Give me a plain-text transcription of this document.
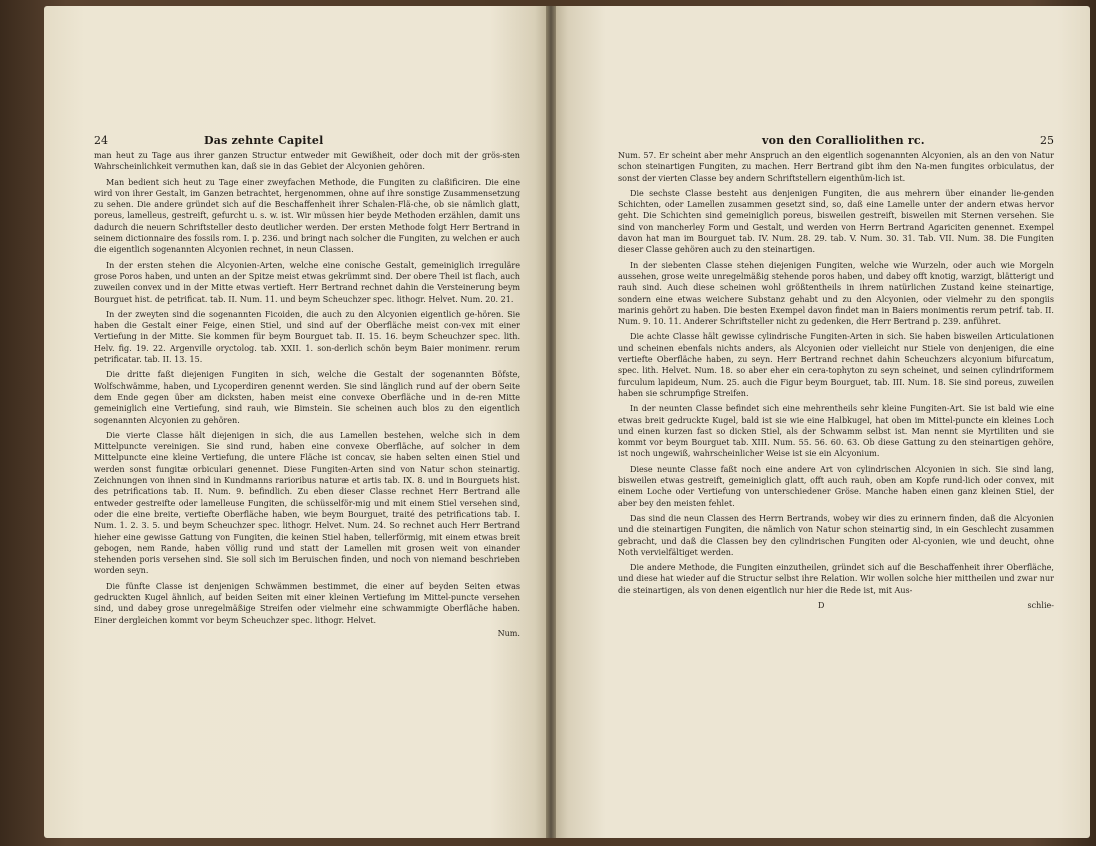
24	Das zehnte Capitel

man heut zu Tage aus ihrer ganzen Structur entweder mit Gewißheit, oder doch mit der grös-sten Wahrscheinlichkeit vermuthen kan, daß sie in das Gebiet der Alcyonien gehören.

Man bedient sich heut zu Tage einer zweyfachen Methode, die Fungiten zu claßificiren. Die eine wird von ihrer Gestalt, im Ganzen betrachtet, hergenommen, ohne auf ihre sonstige Zusammensetzung zu sehen. Die andere gründet sich auf die Beschaffenheit ihrer Schalen-Flä-che, ob sie nämlich glatt, poreus, lamelleus, gestreift, gefurcht u. s. w. ist. Wir müssen hier beyde Methoden erzählen, damit uns dadurch die neuern Schriftsteller desto deutlicher werden. Der ersten Methode folgt Herr Bertrand in seinem dictionnaire des fossils rom. I. p. 236. und bringt nach solcher die Fungiten, zu welchen er auch die eigentlich sogenannten Alcyonien rechnet, in neun Classen.

In der ersten stehen die Alcyonien-Arten, welche eine conische Gestalt, gemeiniglich irreguläre grose Poros haben, und unten an der Spitze meist etwas gekrümmt sind. Der obere Theil ist flach, auch zuweilen convex und in der Mitte etwas vertieft. Herr Bertrand rechnet dahin die Versteinerung beym Bourguet hist. de petrificat. tab. II. Num. 11. und beym Scheuchzer spec. lithogr. Helvet. Num. 20. 21.

In der zweyten sind die sogenannten Ficoiden, die auch zu den Alcyonien eigentlich ge-hören. Sie haben die Gestalt einer Feige, einen Stiel, und sind auf der Oberfläche meist con-vex mit einer Vertiefung in der Mitte. Sie kommen für beym Bourguet tab. II. 15. 16. beym Scheuchzer spec. lith. Helv. fig. 19. 22. Argenville oryctolog. tab. XXII. 1. son-derlich schön beym Baier monimenr. rerum petrificatar. tab. II. 13. 15.

Die dritte faßt diejenigen Fungiten in sich, welche die Gestalt der sogenannten Böfste, Wolfschwämme, haben, und Lycoperdiren genennt werden. Sie sind länglich rund auf der obern Seite dem Ende gegen über am dicksten, haben meist eine convexe Oberfläche und in de-ren Mitte gemeiniglich eine Vertiefung, sind rauh, wie Bimstein. Sie scheinen auch blos zu den eigentlich sogenannten Alcyonien zu gehören.

Die vierte Classe hält diejenigen in sich, die aus Lamellen bestehen, welche sich in dem Mittelpuncte vereinigen. Sie sind rund, haben eine convexe Oberfläche, auf solcher in dem Mittelpuncte eine kleine Vertiefung, die untere Fläche ist concav, sie haben selten einen Stiel und werden sonst fungitæ orbiculari genennet. Diese Fungiten-Arten sind von Natur schon steinartig. Zeichnungen von ihnen sind in Kundmanns rarioribus naturæ et artis tab. IX. 8. und in Bourguets hist. des petrifications tab. II. Num. 9. befindlich. Zu eben dieser Classe rechnet Herr Bertrand alle entweder gestreifte oder lamelleuse Fungiten, die schüsselför-mig und mit einem Stiel versehen sind, oder die eine breite, vertiefte Oberfläche haben, wie beym Bourguet, traité des petrifications tab. I. Num. 1. 2. 3. 5. und beym Scheuchzer spec. lithogr. Helvet. Num. 24. So rechnet auch Herr Bertrand hieher eine gewisse Gattung von Fungiten, die keinen Stiel haben, tellerförmig, mit einem etwas breit gebogen, nem Rande, haben völlig rund und statt der Lamellen mit grosen weit von einander stehenden poris versehen sind. Sie soll sich im Beruischen finden, und noch von niemand beschrieben worden seyn.

Die fünfte Classe ist denjenigen Schwämmen bestimmet, die einer auf beyden Seiten etwas gedruckten Kugel ähnlich, auf beiden Seiten mit einer kleinen Vertiefung im Mittel-puncte versehen sind, und dabey grose unregelmäßige Streifen oder vielmehr eine schwammigte Oberfläche haben. Einer dergleichen kommt vor beym Scheuchzer spec. lithogr. Helvet.

Num.
von den Coralliolithen rc.	25

Num. 57. Er scheint aber mehr Anspruch an den eigentlich sogenannten Alcyonien, als an den von Natur schon steinartigen Fungiten, zu machen. Herr Bertrand gibt ihm den Na-men fungites orbiculatus, der sonst der vierten Classe bey andern Schriftstellern eigenthüm-lich ist.

Die sechste Classe besteht aus denjenigen Fungiten, die aus mehrern über einander lie-genden Schichten, oder Lamellen zusammen gesetzt sind, so, daß eine Lamelle unter der andern etwas hervor geht. Die Schichten sind gemeiniglich poreus, bisweilen gestreift, bisweilen mit Sternen versehen. Sie sind von mancherley Form und Gestalt, und werden von Herrn Bertrand Agariciten genennet. Exempel davon hat man im Bourguet tab. IV. Num. 28. 29. tab. V. Num. 30. 31. Tab. VII. Num. 38. Die Fungiten dieser Classe gehören auch zu den steinartigen.

In der siebenten Classe stehen diejenigen Fungiten, welche wie Wurzeln, oder auch wie Morgeln aussehen, grose weite unregelmäßig stehende poros haben, und dabey offt knotig, warzigt, blätterigt und rauh sind. Auch diese scheinen wohl größtentheils in ihrem natürlichen Zustand keine steinartige, sondern eine etwas weichere Substanz gehabt und zu den Alcyonien, oder vielmehr zu den spongiis marinis gehört zu haben. Die besten Exempel davon findet man in Baiers monimentis rerum petrif. tab. II. Num. 9. 10. 11. Anderer Schriftsteller nicht zu gedenken, die Herr Bertrand p. 239. anführet.

Die achte Classe hält gewisse cylindrische Fungiten-Arten in sich. Sie haben bisweilen Articulationen und scheinen ebenfals nichts anders, als Alcyonien oder vielleicht nur Stiele von denjenigen, die eine vertiefte Oberfläche haben, zu seyn. Herr Bertrand rechnet dahin Scheuchzers alcyonium bifurcatum, spec. lith. Helvet. Num. 18. so aber eher ein cera-tophyton zu seyn scheinet, und seinen cylindriformem furculum lapideum, Num. 25. auch die Figur beym Bourguet, tab. III. Num. 18. Sie sind poreus, zuweilen haben sie schrumpfige Streifen.

In der neunten Classe befindet sich eine mehrentheils sehr kleine Fungiten-Art. Sie ist bald wie eine etwas breit gedruckte Kugel, bald ist sie wie eine Halbkugel, hat oben im Mittel-puncte ein kleines Loch und einen kurzen fast so dicken Stiel, als der Schwamm selbst ist. Man nennt sie Myrtiliten und sie kommt vor beym Bourguet tab. XIII. Num. 55. 56. 60. 63. Ob diese Gattung zu den steinartigen gehöre, ist noch ungewiß, wahrscheinlicher Weise ist sie ein Alcyonium.

Diese neunte Classe faßt noch eine andere Art von cylindrischen Alcyonien in sich. Sie sind lang, bisweilen etwas gestreift, gemeiniglich glatt, offt auch rauh, oben am Kopfe rund-lich oder convex, mit einem Loche oder Vertiefung von unterschiedener Gröse. Manche haben einen ganz kleinen Stiel, der aber bey den meisten fehlet.

Das sind die neun Classen des Herrn Bertrands, wobey wir dies zu erinnern finden, daß die Alcyonien und die steinartigen Fungiten, die nämlich von Natur schon steinartig sind, in ein Geschlecht zusammen gebracht, und daß die Classen bey den cylindrischen Fungiten oder Al-cyonien, wie und deucht, ohne Noth vervielfältiget werden.

Die andere Methode, die Fungiten einzutheilen, gründet sich auf die Beschaffenheit ihrer Oberfläche, und diese hat wieder auf die Structur selbst ihre Relation. Wir wollen solche hier mittheilen und zwar nur die steinartigen, als von denen eigentlich nur hier die Rede ist, mit Aus-

D	schlie-
